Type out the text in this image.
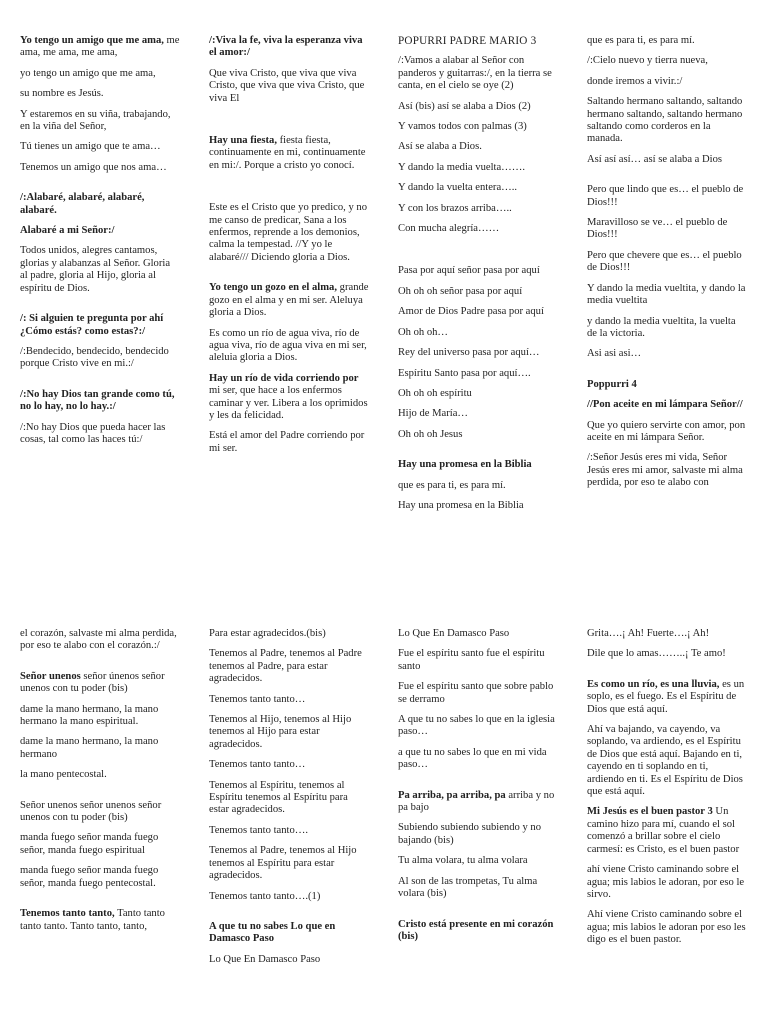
Yo tengo un amigo que me ama, me ama, me ama, me ama,

yo tengo un amigo que me ama,

su nombre es Jesús.

Y estaremos en su viña, trabajando, en la viña del Señor,

Tú tienes un amigo que te ama…

Tenemos un amigo que nos ama…

/:Alabaré, alabaré, alabaré, alabaré.

Alabaré a mi Señor:/

Todos unidos, alegres cantamos, glorias y alabanzas al Señor. Gloria al padre, gloria al Hijo, gloria al espíritu de Dios.

/: Si alguien te pregunta por ahí ¿Cómo estás? como estas?:/

/:Bendecido, bendecido, bendecido porque Cristo vive en mi.:/

/:No hay Dios tan grande como tú, no lo hay, no lo hay.:/

/:No hay Dios que pueda hacer las cosas, tal como las haces tú:/

/:Viva la fe, viva la esperanza viva el amor:/

Que viva Cristo, que viva que viva Cristo, que viva que viva Cristo, que viva El

Hay una fiesta, fiesta fiesta, continuamente en mi, continuamente en mi:/. Porque a cristo yo conocí.

Este es el Cristo que yo predico, y no me canso de predicar, Sana a los enfermos, reprende a los demonios, calma la tempestad. //Y yo le alabaré/// Diciendo gloria a Dios.

Yo tengo un gozo en el alma, grande gozo en el alma y en mi ser. Aleluya gloria a Dios.

Es como un río de agua viva, río de agua viva, río de agua viva en mi ser, aleluia gloria a Dios.

Hay un río de vida corriendo por mi ser, que hace a los enfermos caminar y ver. Libera a los oprimidos y les da felicidad.

Está el amor del Padre corriendo por mi ser.

POPURRI PADRE MARIO 3

/:Vamos a alabar al Señor con panderos y guitarras:/, en la tierra se canta, en el cielo se oye (2)

Así (bis) así se alaba a Dios (2)

Y vamos todos con palmas (3)

Así se alaba a Dios.

Y dando la media vuelta…….

Y dando la vuelta entera…..

Y con los brazos arriba…..

Con mucha alegría……

Pasa por aquí señor pasa por aquí

Oh oh oh señor pasa por aquí

Amor de Dios Padre pasa por aquí

Oh oh oh…

Rey del universo pasa por aquí…

Espíritu Santo pasa por aquí….

Oh oh oh espíritu

Hijo de María…

Oh oh oh Jesus

Hay una promesa en la Biblia

que es para ti, es para mí.

Hay una promesa en la Biblia

que es para ti, es para mí.

/:Cielo nuevo y tierra nueva,

donde iremos a vivir.:/

Saltando hermano saltando, saltando hermano saltando, saltando hermano saltando como corderos en la manada.

Así así así… así se alaba a Dios

Pero que lindo que es… el pueblo de Dios!!!

Maravilloso se ve… el pueblo de Dios!!!

Pero que chevere que es… el pueblo de Dios!!!

Y dando la media vueltita, y dando la media vueltita

y dando la media vueltita, la vuelta de la victoria.

Asi asi asi…

Poppurri 4

//Pon aceite en mi lámpara Señor//

Que yo quiero servirte con amor, pon aceite en mi lámpara Señor.

/:Señor Jesús eres mi vida, Señor Jesús eres mi amor, salvaste mi alma perdida, por eso te alabo con

el corazón, salvaste mi alma perdida, por eso te alabo con el corazón.:/

Señor unenos señor únenos señor unenos con tu poder (bis)

dame la mano hermano, la mano hermano la mano espiritual.

dame la mano hermano, la mano hermano

la mano pentecostal.

Señor unenos señor unenos señor unenos con tu poder (bis)

manda fuego señor manda fuego señor, manda fuego espiritual

manda fuego señor manda fuego señor, manda fuego pentecostal.

Tenemos tanto tanto, Tanto tanto tanto tanto. Tanto tanto, tanto,

Para estar agradecidos.(bis)

Tenemos al Padre, tenemos al Padre tenemos al Padre, para estar agradecidos.

Tenemos tanto tanto…

Tenemos al Hijo, tenemos al Hijo tenemos al Hijo para estar agradecidos.

Tenemos tanto tanto…

Tenemos al Espíritu, tenemos al Espíritu tenemos al Espíritu para estar agradecidos.

Tenemos tanto tanto….

Tenemos al Padre, tenemos al Hijo tenemos al Espíritu para estar agradecidos.

Tenemos tanto tanto….(1)

A que tu no sabes Lo que en Damasco Paso

Lo Que En Damasco Paso

Lo Que En Damasco Paso

Fue el espíritu santo fue el espíritu santo

Fue el espíritu santo que sobre pablo se derramo

A que tu no sabes lo que en la iglesia paso…

a que tu no sabes lo que en mi vida paso…

Pa arriba, pa arriba, pa arriba y no pa bajo

Subiendo subiendo subiendo y no bajando (bis)

Tu alma volara, tu alma volara

Al son de las trompetas, Tu alma volara (bis)

Cristo está presente en mi corazón (bis)

Grita….¡ Ah! Fuerte….¡ Ah!

Dile que lo amas……..¡ Te amo!

Es como un río, es una lluvia, es un soplo, es el fuego. Es el Espíritu de Dios que está aquí.

Ahí va bajando, va cayendo, va soplando, va ardiendo, es el Espíritu de Dios que está aquí. Bajando en ti, cayendo en ti soplando en ti, ardiendo en ti. Es el Espíritu de Dios que está aquí.

Mi Jesús es el buen pastor 3 Un camino hizo para mí, cuando el sol comenzó a brillar sobre el cielo carmesí: es Cristo, es el buen pastor

ahí viene Cristo caminando sobre el agua; mis labios le adoran, por eso le sirvo.

Ahí viene Cristo caminando sobre el agua; mis labios le adoran por eso les digo es el buen pastor.
